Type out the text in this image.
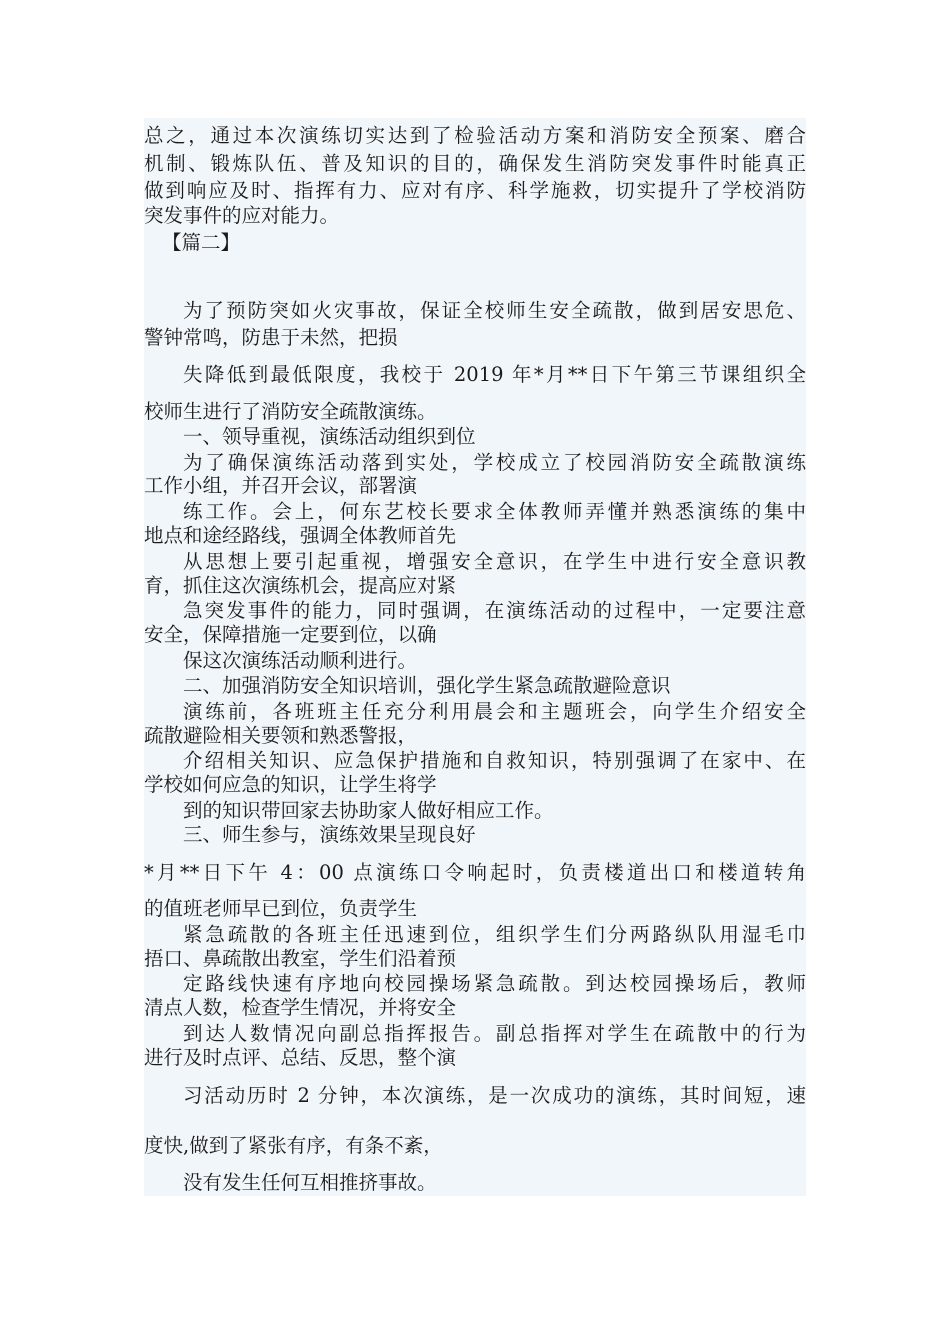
总之，通过本次演练切实达到了检验活动方案和消防安全预案、磨合
机制、锻炼队伍、普及知识的目的，确保发生消防突发事件时能真正
做到响应及时、指挥有力、应对有序、科学施救，切实提升了学校消防
突发事件的应对能力。
【篇二】
为了预防突如火灾事故，保证全校师生安全疏散，做到居安思危、
警钟常鸣，防患于未然，把损
失降低到最低限度，我校于 2019 年*月**日下午第三节课组织全
校师生进行了消防安全疏散演练。
一、领导重视，演练活动组织到位
为了确保演练活动落到实处，学校成立了校园消防安全疏散演练
工作小组，并召开会议，部署演
练工作。会上，何东艺校长要求全体教师弄懂并熟悉演练的集中
地点和途经路线，强调全体教师首先
从思想上要引起重视，增强安全意识，在学生中进行安全意识教
育，抓住这次演练机会，提高应对紧
急突发事件的能力，同时强调，在演练活动的过程中，一定要注意
安全，保障措施一定要到位，以确
保这次演练活动顺利进行。
二、加强消防安全知识培训，强化学生紧急疏散避险意识
演练前，各班班主任充分利用晨会和主题班会，向学生介绍安全
疏散避险相关要领和熟悉警报，
介绍相关知识、应急保护措施和自救知识，特别强调了在家中、在
学校如何应急的知识，让学生将学
到的知识带回家去协助家人做好相应工作。
三、师生参与，演练效果呈现良好
*月**日下午 4：00 点演练口令响起时，负责楼道出口和楼道转角
的值班老师早已到位，负责学生
紧急疏散的各班主任迅速到位，组织学生们分两路纵队用湿毛巾
捂口、鼻疏散出教室，学生们沿着预
定路线快速有序地向校园操场紧急疏散。到达校园操场后，教师
清点人数，检查学生情况，并将安全
到达人数情况向副总指挥报告。副总指挥对学生在疏散中的行为
进行及时点评、总结、反思，整个演
习活动历时 2 分钟，本次演练，是一次成功的演练，其时间短，速
度快,做到了紧张有序，有条不紊，
没有发生任何互相推挤事故。
